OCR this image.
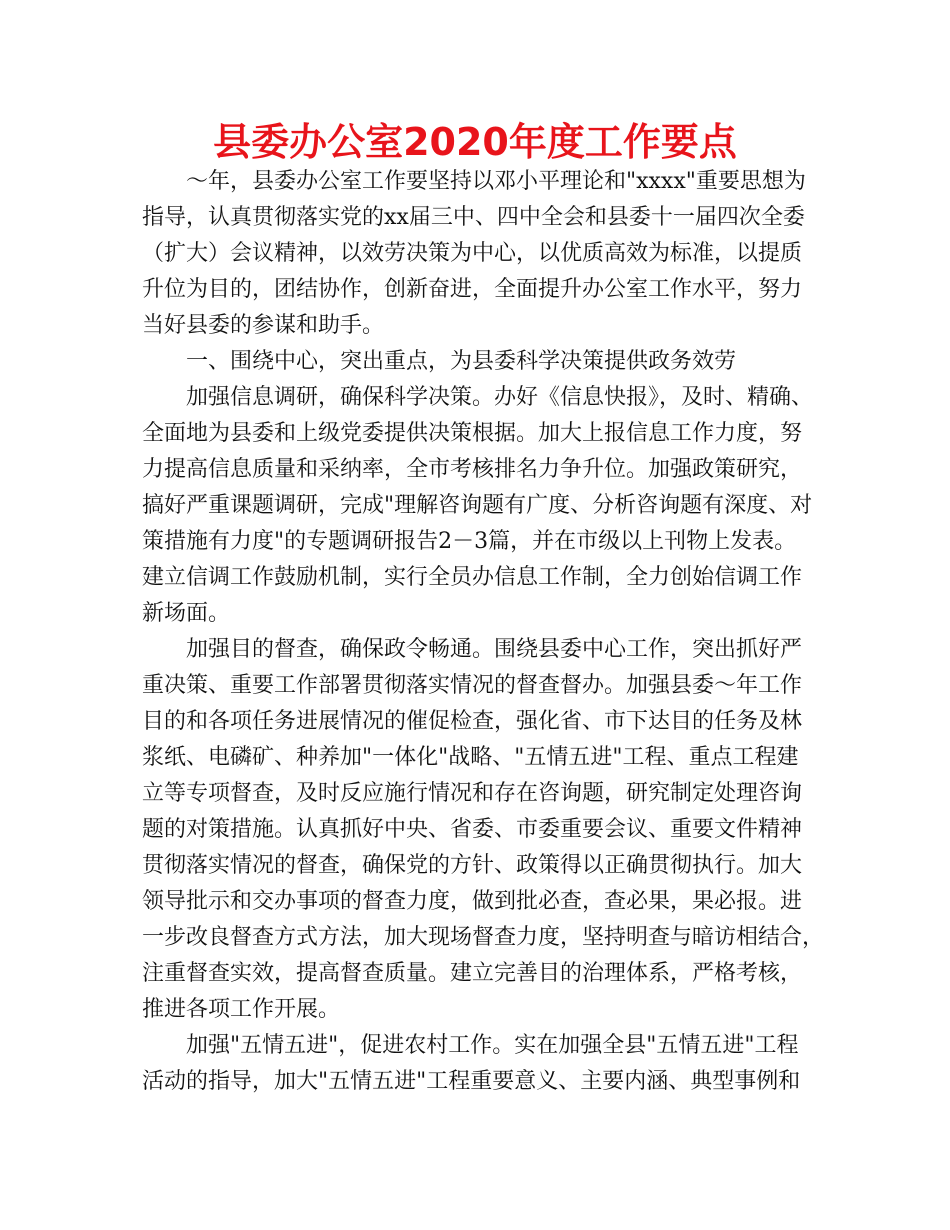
县委办公室2020年度工作要点
～年，县委办公室工作要坚持以邓小平理论和"xxxx"重要思想为
指导，认真贯彻落实党的xx届三中、四中全会和县委十一届四次全委
（扩大）会议精神，以效劳决策为中心，以优质高效为标准，以提质
升位为目的，团结协作，创新奋进，全面提升办公室工作水平，努力
当好县委的参谋和助手。
一、围绕中心，突出重点，为县委科学决策提供政务效劳
加强信息调研，确保科学决策。办好《信息快报》，及时、精确、
全面地为县委和上级党委提供决策根据。加大上报信息工作力度，努
力提高信息质量和采纳率，全市考核排名力争升位。加强政策研究，
搞好严重课题调研，完成"理解咨询题有广度、分析咨询题有深度、对
策措施有力度"的专题调研报告2－3篇，并在市级以上刊物上发表。
建立信调工作鼓励机制，实行全员办信息工作制，全力创始信调工作
新场面。
加强目的督查，确保政令畅通。围绕县委中心工作，突出抓好严
重决策、重要工作部署贯彻落实情况的督查督办。加强县委～年工作
目的和各项任务进展情况的催促检查，强化省、市下达目的任务及林
浆纸、电磷矿、种养加"一体化"战略、"五情五进"工程、重点工程建
立等专项督查，及时反应施行情况和存在咨询题，研究制定处理咨询
题的对策措施。认真抓好中央、省委、市委重要会议、重要文件精神
贯彻落实情况的督查，确保党的方针、政策得以正确贯彻执行。加大
领导批示和交办事项的督查力度，做到批必查，查必果，果必报。进
一步改良督查方式方法，加大现场督查力度，坚持明查与暗访相结合，
注重督查实效，提高督查质量。建立完善目的治理体系，严格考核，
推进各项工作开展。
加强"五情五进"，促进农村工作。实在加强全县"五情五进"工程
活动的指导，加大"五情五进"工程重要意义、主要内涵、典型事例和
